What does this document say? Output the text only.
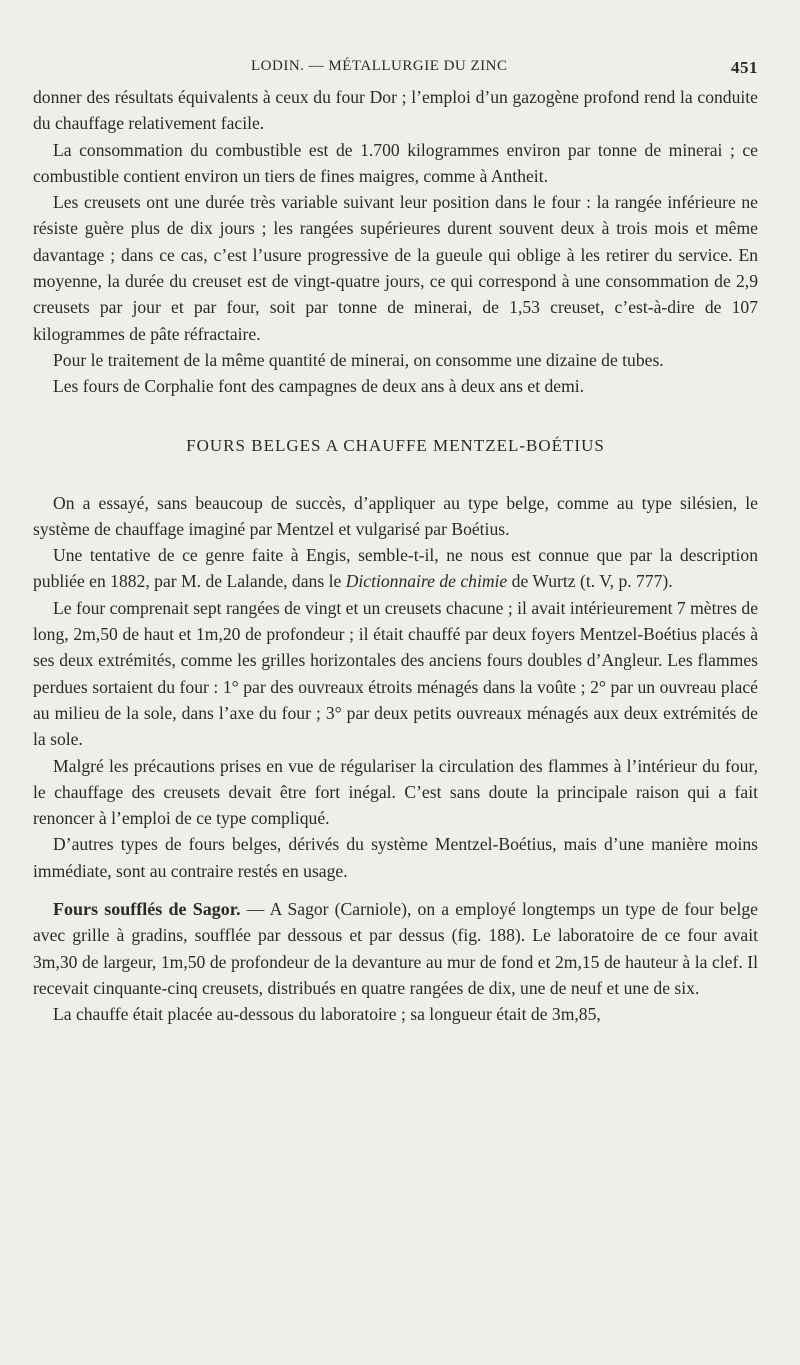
LODIN. — MÉTALLURGIE DU ZINC	451

donner des résultats équivalents à ceux du four Dor ; l’emploi d’un gazogène profond rend la conduite du chauffage relativement facile.

La consommation du combustible est de 1.700 kilogrammes environ par tonne de minerai ; ce combustible contient environ un tiers de fines maigres, comme à Antheit.

Les creusets ont une durée très variable suivant leur position dans le four : la rangée inférieure ne résiste guère plus de dix jours ; les rangées supérieures durent souvent deux à trois mois et même davantage ; dans ce cas, c’est l’usure progressive de la gueule qui oblige à les retirer du service. En moyenne, la durée du creuset est de vingt-quatre jours, ce qui correspond à une consommation de 2,9 creusets par jour et par four, soit par tonne de minerai, de 1,53 creuset, c’est-à-dire de 107 kilogrammes de pâte réfractaire.

Pour le traitement de la même quantité de minerai, on consomme une dizaine de tubes.

Les fours de Corphalie font des campagnes de deux ans à deux ans et demi.

FOURS BELGES A CHAUFFE MENTZEL-BOÉTIUS

On a essayé, sans beaucoup de succès, d’appliquer au type belge, comme au type silésien, le système de chauffage imaginé par Mentzel et vulgarisé par Boétius.

Une tentative de ce genre faite à Engis, semble-t-il, ne nous est connue que par la description publiée en 1882, par M. de Lalande, dans le Dictionnaire de chimie de Wurtz (t. V, p. 777).

Le four comprenait sept rangées de vingt et un creusets chacune ; il avait intérieurement 7 mètres de long, 2m,50 de haut et 1m,20 de profondeur ; il était chauffé par deux foyers Mentzel-Boétius placés à ses deux extrémités, comme les grilles horizontales des anciens fours doubles d’Angleur. Les flammes perdues sortaient du four : 1° par des ouvreaux étroits ménagés dans la voûte ; 2° par un ouvreau placé au milieu de la sole, dans l’axe du four ; 3° par deux petits ouvreaux ménagés aux deux extrémités de la sole.

Malgré les précautions prises en vue de régulariser la circulation des flammes à l’intérieur du four, le chauffage des creusets devait être fort inégal. C’est sans doute la principale raison qui a fait renoncer à l’emploi de ce type compliqué.

D’autres types de fours belges, dérivés du système Mentzel-Boétius, mais d’une manière moins immédiate, sont au contraire restés en usage.

Fours soufflés de Sagor. — A Sagor (Carniole), on a employé longtemps un type de four belge avec grille à gradins, soufflée par dessous et par dessus (fig. 188). Le laboratoire de ce four avait 3m,30 de largeur, 1m,50 de profondeur de la devanture au mur de fond et 2m,15 de hauteur à la clef. Il recevait cinquante-cinq creusets, distribués en quatre rangées de dix, une de neuf et une de six.

La chauffe était placée au-dessous du laboratoire ; sa longueur était de 3m,85,
